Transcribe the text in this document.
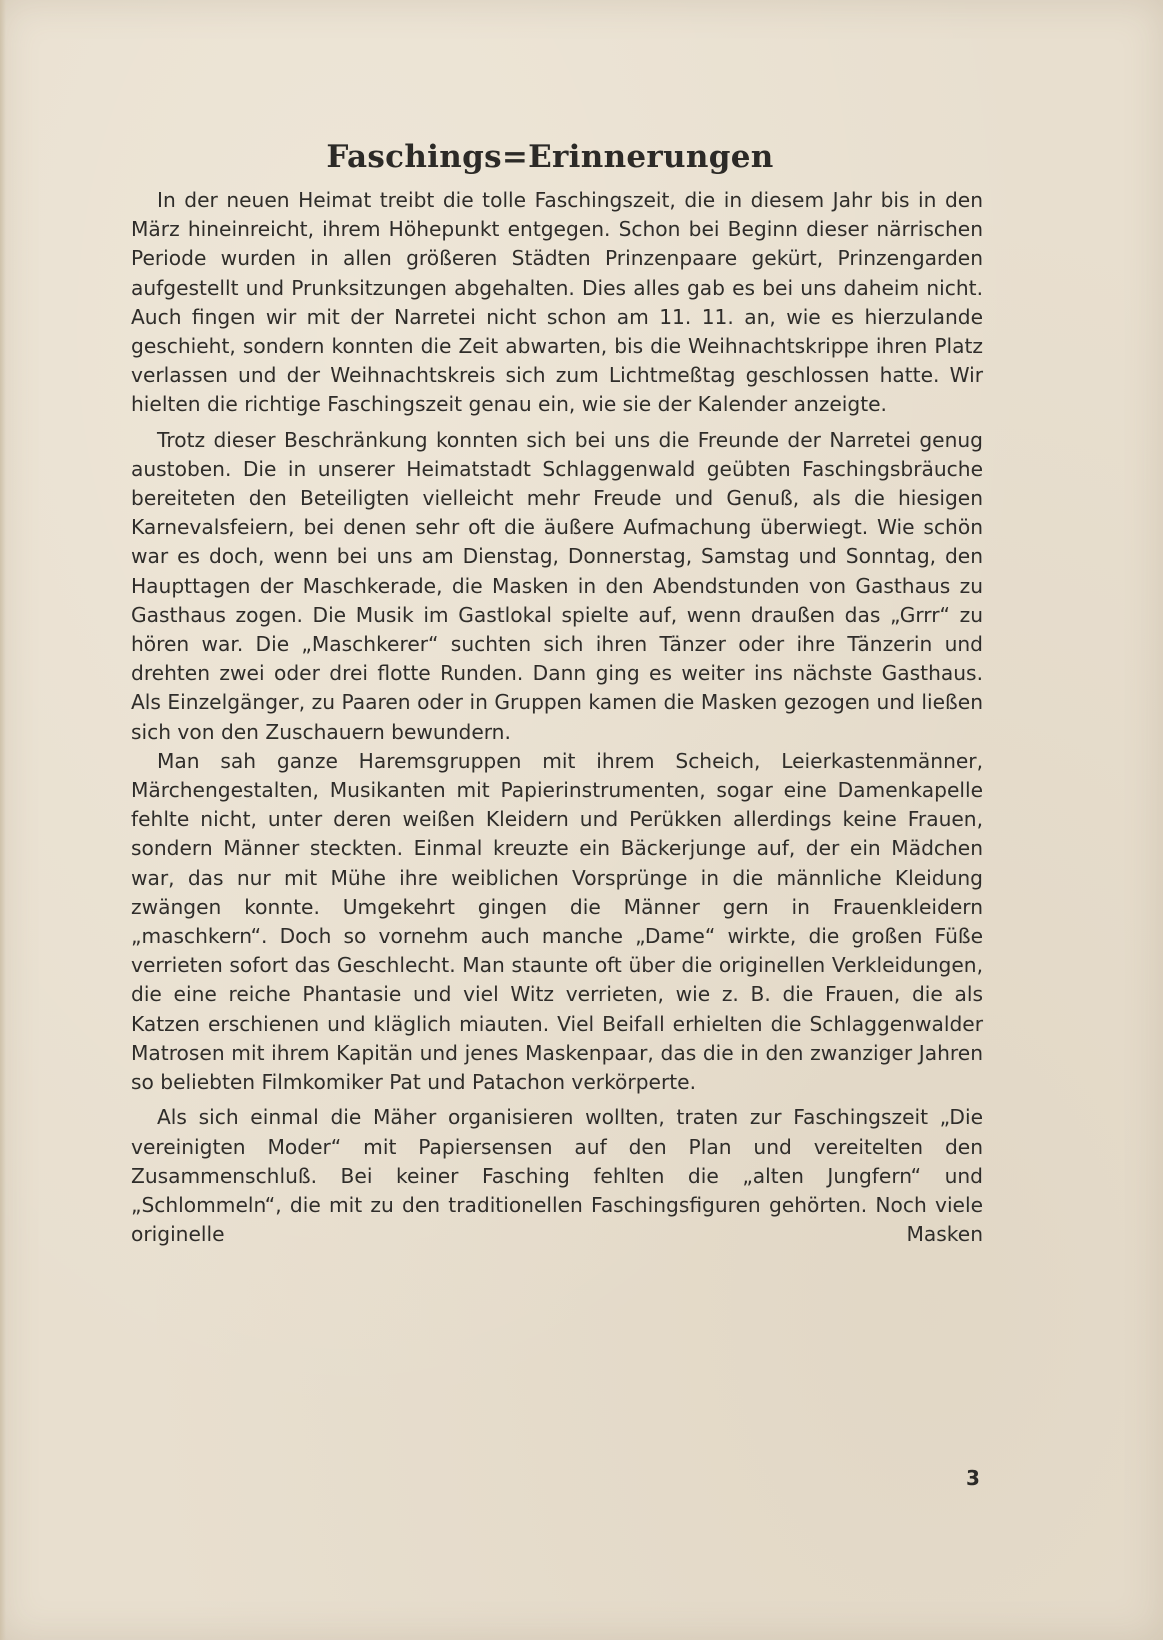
Faschings=Erinnerungen

In der neuen Heimat treibt die tolle Faschingszeit, die in diesem Jahr bis in den März hineinreicht, ihrem Höhepunkt entgegen. Schon bei Beginn dieser närrischen Periode wurden in allen größeren Städten Prinzenpaare gekürt, Prinzengarden aufgestellt und Prunksitzungen abgehalten. Dies alles gab es bei uns daheim nicht. Auch fingen wir mit der Narretei nicht schon am 11. 11. an, wie es hierzulande geschieht, sondern konnten die Zeit abwarten, bis die Weihnachtskrippe ihren Platz verlassen und der Weihnachtskreis sich zum Lichtmeßtag geschlossen hatte. Wir hielten die richtige Faschingszeit genau ein, wie sie der Kalender anzeigte.

Trotz dieser Beschränkung konnten sich bei uns die Freunde der Narretei genug austoben. Die in unserer Heimatstadt Schlaggenwald geübten Faschingsbräuche bereiteten den Beteiligten vielleicht mehr Freude und Genuß, als die hiesigen Karnevalsfeiern, bei denen sehr oft die äußere Aufmachung überwiegt. Wie schön war es doch, wenn bei uns am Dienstag, Donnerstag, Samstag und Sonntag, den Haupttagen der Maschkerade, die Masken in den Abendstunden von Gasthaus zu Gasthaus zogen. Die Musik im Gastlokal spielte auf, wenn draußen das „Grrr“ zu hören war. Die „Maschkerer“ suchten sich ihren Tänzer oder ihre Tänzerin und drehten zwei oder drei flotte Runden. Dann ging es weiter ins nächste Gasthaus. Als Einzelgänger, zu Paaren oder in Gruppen kamen die Masken gezogen und ließen sich von den Zuschauern bewundern.

Man sah ganze Haremsgruppen mit ihrem Scheich, Leierkastenmänner, Märchengestalten, Musikanten mit Papierinstrumenten, sogar eine Damenkapelle fehlte nicht, unter deren weißen Kleidern und Perükken allerdings keine Frauen, sondern Männer steckten. Einmal kreuzte ein Bäckerjunge auf, der ein Mädchen war, das nur mit Mühe ihre weiblichen Vorsprünge in die männliche Kleidung zwängen konnte. Umgekehrt gingen die Männer gern in Frauenkleidern „maschkern“. Doch so vornehm auch manche „Dame“ wirkte, die großen Füße verrieten sofort das Geschlecht. Man staunte oft über die originellen Verkleidungen, die eine reiche Phantasie und viel Witz verrieten, wie z. B. die Frauen, die als Katzen erschienen und kläglich miauten. Viel Beifall erhielten die Schlaggenwalder Matrosen mit ihrem Kapitän und jenes Maskenpaar, das die in den zwanziger Jahren so beliebten Filmkomiker Pat und Patachon verkörperte.

Als sich einmal die Mäher organisieren wollten, traten zur Faschingszeit „Die vereinigten Moder“ mit Papiersensen auf den Plan und vereitelten den Zusammenschluß. Bei keiner Fasching fehlten die „alten Jungfern“ und „Schlommeln“, die mit zu den traditionellen Faschingsfiguren gehörten. Noch viele originelle Masken

3
